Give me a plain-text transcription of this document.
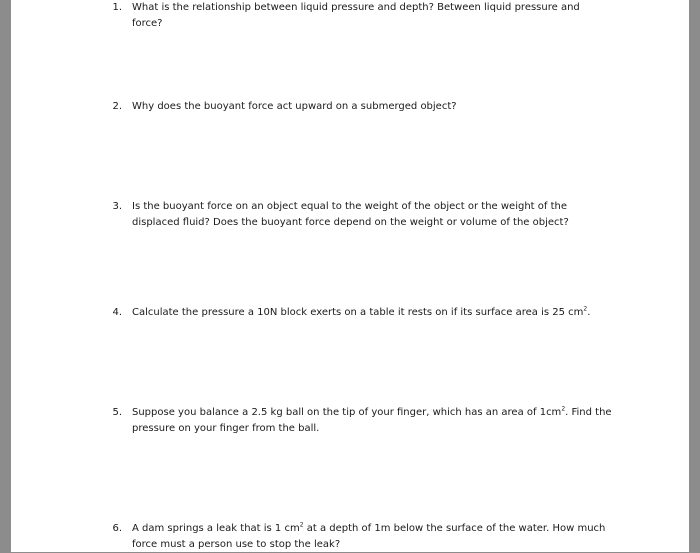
1.	What is the relationship between liquid pressure and depth? Between liquid pressure and force?
2.	Why does the buoyant force act upward on a submerged object?
3.	Is the buoyant force on an object equal to the weight of the object or the weight of the
displaced fluid? Does the buoyant force depend on the weight or volume of the object?
4.	Calculate the pressure a 10N block exerts on a table it rests on if its surface area is 25 $cm^2$.
5.	Suppose you balance a 2.5 kg ball on the tip of your finger, which has an area of $1cm^2$. Find the
pressure on your finger from the ball.
6.	A dam springs a leak that is 1 $cm^2$ at a depth of 1m below the surface of the water. How much
force must a person use to stop the leak?
